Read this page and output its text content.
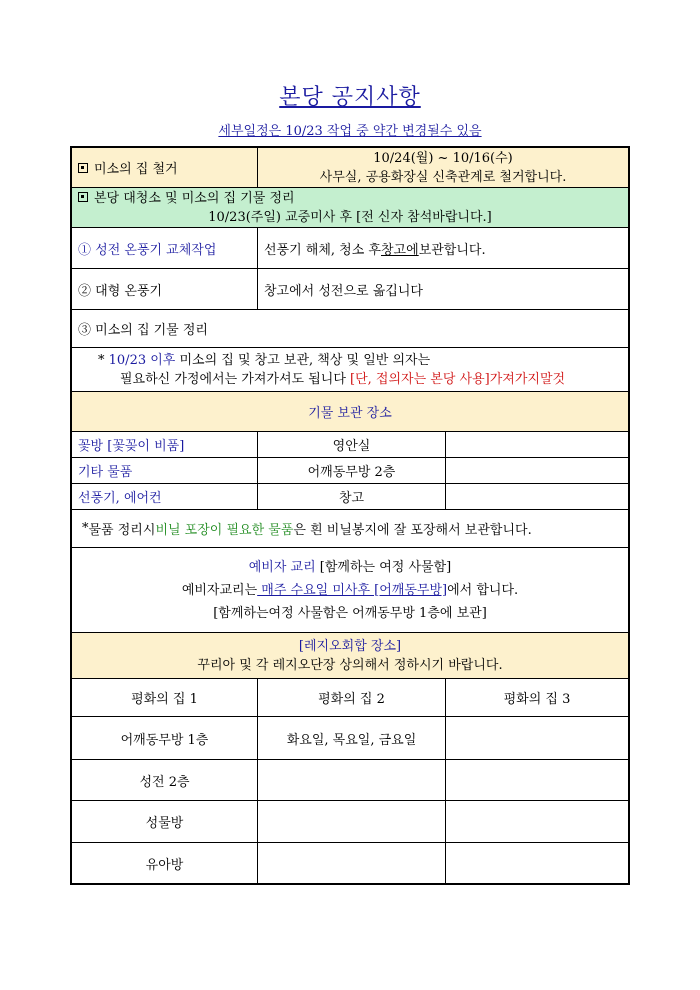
본당 공지사항
세부일정은 10/23 작업 중 약간 변경될수 있음
미소의 집 철거
10/24(월) ~ 10/16(수)
사무실, 공용화장실 신축관계로 철거합니다.
본당 대청소 및 미소의 집 기물 정리
10/23(주일) 교중미사 후 [전 신자 참석바랍니다.]
① 성전 온풍기 교체작업	선풍기 해체, 청소 후 창고에 보관합니다.
② 대형 온풍기	창고에서 성전으로 옮깁니다
③ 미소의 집 기물 정리
* 10/23 이후 미소의 집 및 창고 보관, 책상 및 일반 의자는
필요하신 가정에서는 가져가셔도 됩니다 [단, 접의자는 본당 사용]가져가지말것
기물 보관 장소
꽃방 [꽃꽂이 비품]	영안실
기타 물품	어깨동무방 2층
선풍기, 에어컨	창고
* 물품 정리시 비닐 포장이 필요한 물품 은 흰 비닐봉지에 잘 포장해서 보관합니다.
예비자 교리 [함께하는 여정 사물함]
예비자교리는 매주 수요일 미사후 [어깨동무방]에서 합니다.
[함께하는여정 사물함은 어깨동무방 1층에 보관]
[레지오회합 장소]
꾸리아 및 각 레지오단장 상의해서 정하시기 바랍니다.
평화의 집 1	평화의 집 2	평화의 집 3
어깨동무방 1층	화요일, 목요일, 금요일
성전 2층
성물방
유아방
